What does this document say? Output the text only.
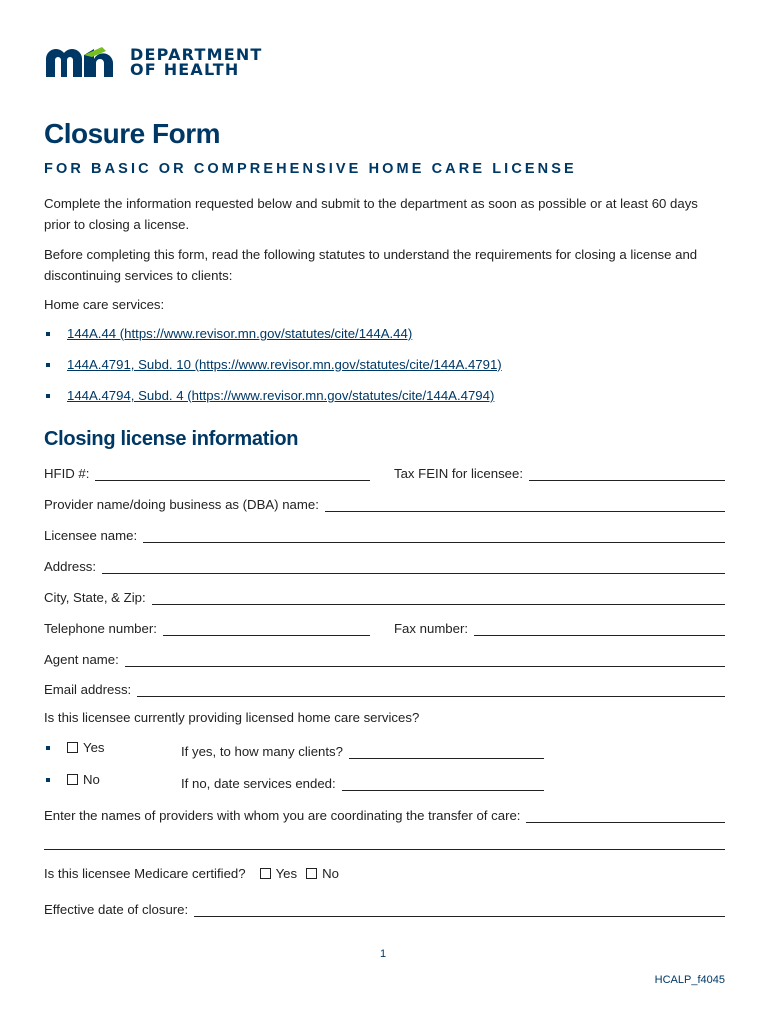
DEPARTMENT
OF HEALTH
Closure Form
FOR BASIC OR COMPREHENSIVE HOME CARE LICENSE
Complete the information requested below and submit to the department as soon as possible or at least 60 days prior to closing a license.
Before completing this form, read the following statutes to understand the requirements for closing a license and discontinuing services to clients:
Home care services:
144A.44 (https://www.revisor.mn.gov/statutes/cite/144A.44)
144A.4791, Subd. 10 (https://www.revisor.mn.gov/statutes/cite/144A.4791)
144A.4794, Subd. 4 (https://www.revisor.mn.gov/statutes/cite/144A.4794)
Closing license information
HFID #:	Tax FEIN for licensee:
Provider name/doing business as (DBA) name:
Licensee name:
Address:
City, State, & Zip:
Telephone number:	Fax number:
Agent name:
Email address:
Is this licensee currently providing licensed home care services?
Yes	If yes, to how many clients?
No	If no, date services ended:
Enter the names of providers with whom you are coordinating the transfer of care:
Is this licensee Medicare certified? Yes No
Effective date of closure:
1
HCALP_f4045
